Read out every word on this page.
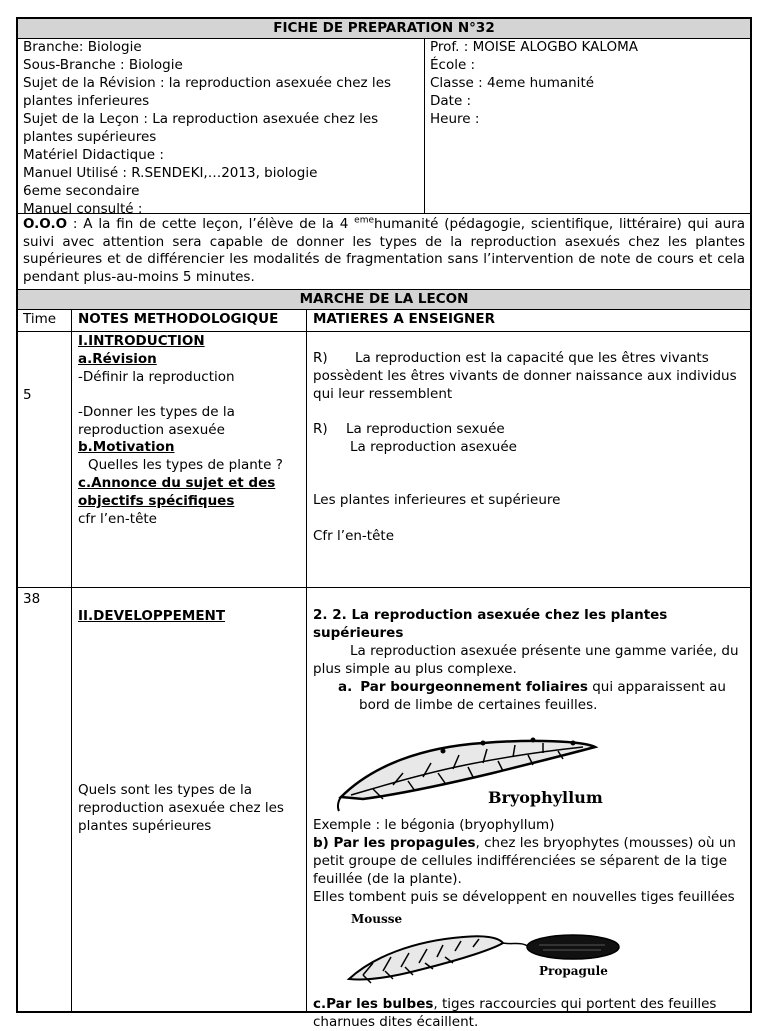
FICHE DE PREPARATION N°32
Branche: Biologie
Sous-Branche : Biologie
Sujet de la Révision : la reproduction asexuée chez les
plantes inferieures
Sujet de la Leçon : La reproduction asexuée chez les
plantes supérieures
Matériel Didactique :
Manuel Utilisé : R.SENDEKI,…2013, biologie
6eme secondaire
Manuel consulté :
Prof. : MOISE ALOGBO KALOMA
École :
Classe : 4eme humanité
Date :
Heure :
O.O.O : A la fin de cette leçon, l’élève de la 4 $^{eme}$humanité (pédagogie, scientifique, littéraire) qui aura suivi avec attention sera capable de donner les types de la reproduction asexués chez les plantes supérieures et de différencier les modalités de fragmentation sans l’intervention de note de cours et cela pendant plus-au-moins 5 minutes.
MARCHE DE LA LECON
Time NOTES METHODOLOGIQUE	MATIERES A ENSEIGNER
5
I.INTRODUCTION
a.Révision
-Définir la reproduction
-Donner les types de la
reproduction asexuée
b.Motivation
Quelles les types de plante ?
c.Annonce du sujet et des
objectifs spécifiques
cfr l’en-tête
R) La reproduction est la capacité que les êtres vivants
possèdent les êtres vivants de donner naissance aux individus
qui leur ressemblent
R) La reproduction sexuée
La reproduction asexuée
Les plantes inferieures et supérieure
Cfr l’en-tête
38
II.DEVELOPPEMENT
Quels sont les types de la
reproduction asexuée chez les
plantes supérieures
2. 2. La reproduction asexuée chez les plantes
supérieures
La reproduction asexuée présente une gamme variée, du
plus simple au plus complexe.
a. Par bourgeonnement foliaires qui apparaissent au
bord de limbe de certaines feuilles.
Bryophyllum
Exemple : le bégonia (bryophyllum)
b) Par les propagules, chez les bryophytes (mousses) où un
petit groupe de cellules indifférenciées se séparent de la tige
feuillée (de la plante).
Elles tombent puis se développent en nouvelles tiges feuillées
Mousse
Propagule
c.Par les bulbes, tiges raccourcies qui portent des feuilles
charnues dites écaillent.
